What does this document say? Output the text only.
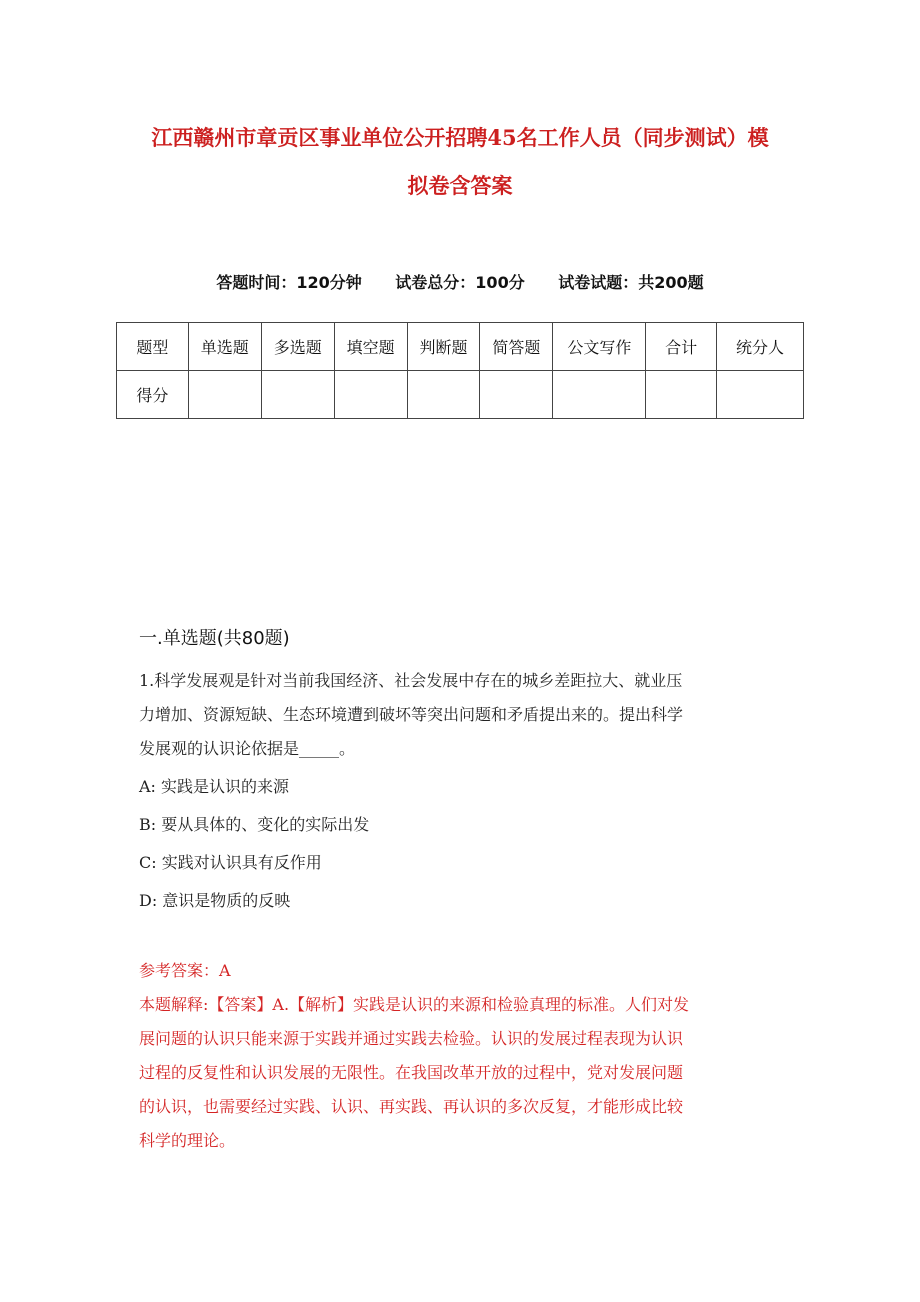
江西赣州市章贡区事业单位公开招聘45名工作人员（同步测试）模
拟卷含答案
答题时间：120分钟 试卷总分：100分 试卷试题：共200题
题型	单选题	多选题	填空题	判断题	简答题	公文写作	合计	统分人
得分								
一.单选题(共80题)
1.科学发展观是针对当前我国经济、社会发展中存在的城乡差距拉大、就业压
力增加、资源短缺、生态环境遭到破坏等突出问题和矛盾提出来的。提出科学
发展观的认识论依据是_____。
A: 实践是认识的来源
B: 要从具体的、变化的实际出发
C: 实践对认识具有反作用
D: 意识是物质的反映
参考答案：A
本题解释:【答案】A.【解析】实践是认识的来源和检验真理的标准。人们对发
展问题的认识只能来源于实践并通过实践去检验。认识的发展过程表现为认识
过程的反复性和认识发展的无限性。在我国改革开放的过程中，党对发展问题
的认识，也需要经过实践、认识、再实践、再认识的多次反复，才能形成比较
科学的理论。
